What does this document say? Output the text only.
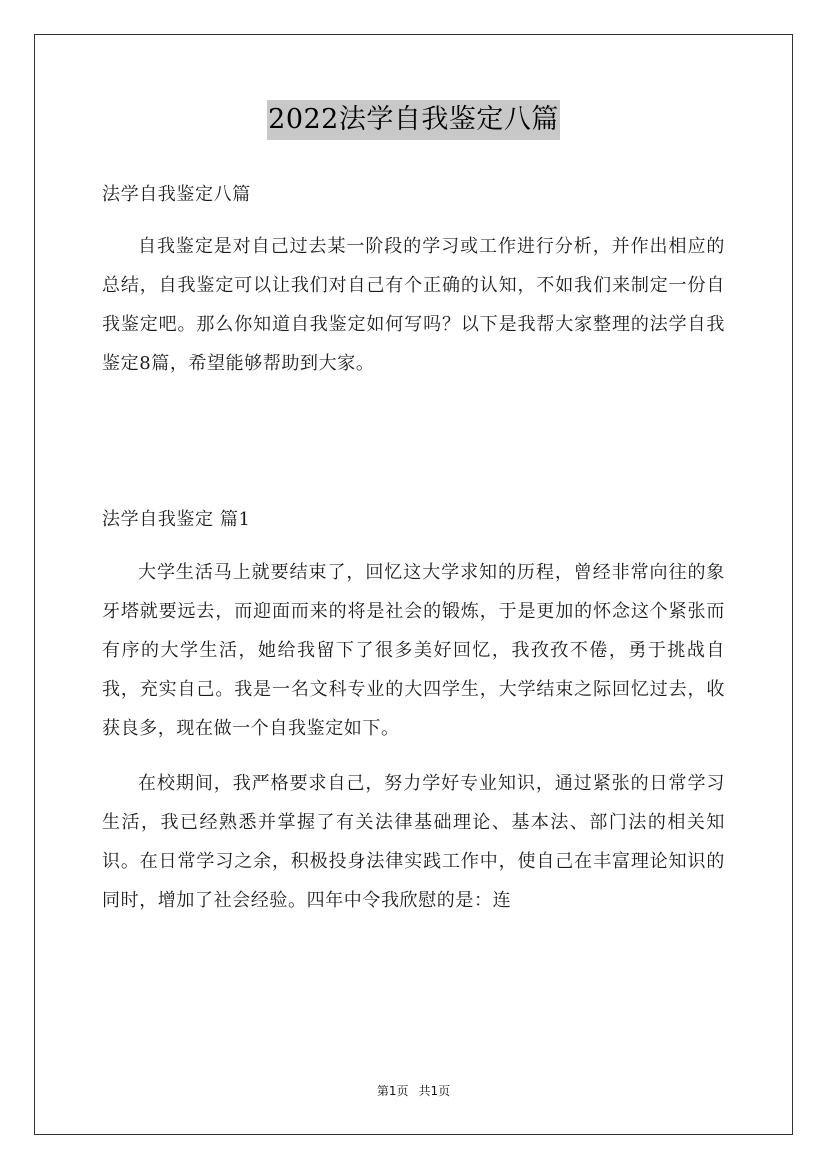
2022法学自我鉴定八篇
法学自我鉴定八篇

自我鉴定是对自己过去某一阶段的学习或工作进行分析，并作出相应的总结，自我鉴定可以让我们对自己有个正确的认知，不如我们来制定一份自我鉴定吧。那么你知道自我鉴定如何写吗？以下是我帮大家整理的法学自我鉴定8篇，希望能够帮助到大家。

法学自我鉴定 篇1

大学生活马上就要结束了，回忆这大学求知的历程，曾经非常向往的象牙塔就要远去，而迎面而来的将是社会的锻炼，于是更加的怀念这个紧张而有序的大学生活，她给我留下了很多美好回忆，我孜孜不倦，勇于挑战自我，充实自己。我是一名文科专业的大四学生，大学结束之际回忆过去，收获良多，现在做一个自我鉴定如下。

在校期间，我严格要求自己，努力学好专业知识，通过紧张的日常学习生活，我已经熟悉并掌握了有关法律基础理论、基本法、部门法的相关知识。在日常学习之余，积极投身法律实践工作中，使自己在丰富理论知识的同时，增加了社会经验。四年中令我欣慰的是：连

第1页 共1页
